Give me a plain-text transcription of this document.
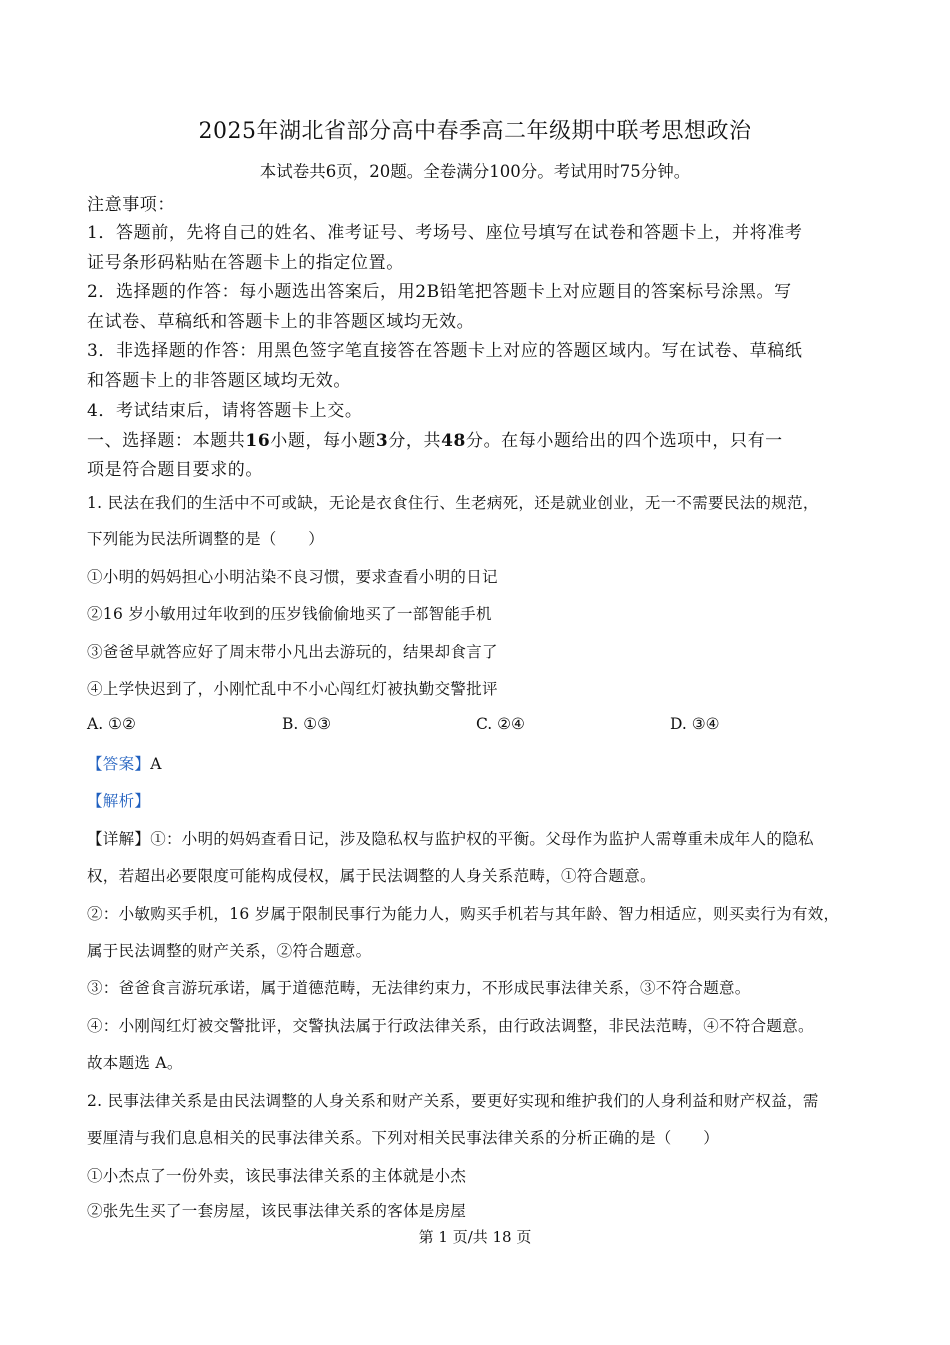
2025年湖北省部分高中春季高二年级期中联考思想政治
本试卷共6页，20题。全卷满分100分。考试用时75分钟。
注意事项：
1．答题前，先将自己的姓名、准考证号、考场号、座位号填写在试卷和答题卡上，并将准考
证号条形码粘贴在答题卡上的指定位置。
2．选择题的作答：每小题选出答案后，用2B铅笔把答题卡上对应题目的答案标号涂黑。写
在试卷、草稿纸和答题卡上的非答题区域均无效。
3．非选择题的作答：用黑色签字笔直接答在答题卡上对应的答题区域内。写在试卷、草稿纸
和答题卡上的非答题区域均无效。
4．考试结束后，请将答题卡上交。
一、选择题：本题共16小题，每小题3分，共48分。在每小题给出的四个选项中，只有一
项是符合题目要求的。
1. 民法在我们的生活中不可或缺，无论是衣食住行、生老病死，还是就业创业，无一不需要民法的规范，
下列能为民法所调整的是（　　）
①小明的妈妈担心小明沾染不良习惯，要求查看小明的日记
②16 岁小敏用过年收到的压岁钱偷偷地买了一部智能手机
③爸爸早就答应好了周末带小凡出去游玩的，结果却食言了
④上学快迟到了，小刚忙乱中不小心闯红灯被执勤交警批评
A. ①②	B. ①③	C. ②④	D. ③④
【答案】A
【解析】
【详解】①：小明的妈妈查看日记，涉及隐私权与监护权的平衡。父母作为监护人需尊重未成年人的隐私
权，若超出必要限度可能构成侵权，属于民法调整的人身关系范畴，①符合题意。
②：小敏购买手机，16 岁属于限制民事行为能力人，购买手机若与其年龄、智力相适应，则买卖行为有效，
属于民法调整的财产关系，②符合题意。
③：爸爸食言游玩承诺，属于道德范畴，无法律约束力，不形成民事法律关系，③不符合题意。
④：小刚闯红灯被交警批评，交警执法属于行政法律关系，由行政法调整，非民法范畴，④不符合题意。
故本题选 A。
2. 民事法律关系是由民法调整的人身关系和财产关系，要更好实现和维护我们的人身利益和财产权益，需
要厘清与我们息息相关的民事法律关系。下列对相关民事法律关系的分析正确的是（　　）
①小杰点了一份外卖，该民事法律关系的主体就是小杰
②张先生买了一套房屋，该民事法律关系的客体是房屋
第 1 页/共 18 页
